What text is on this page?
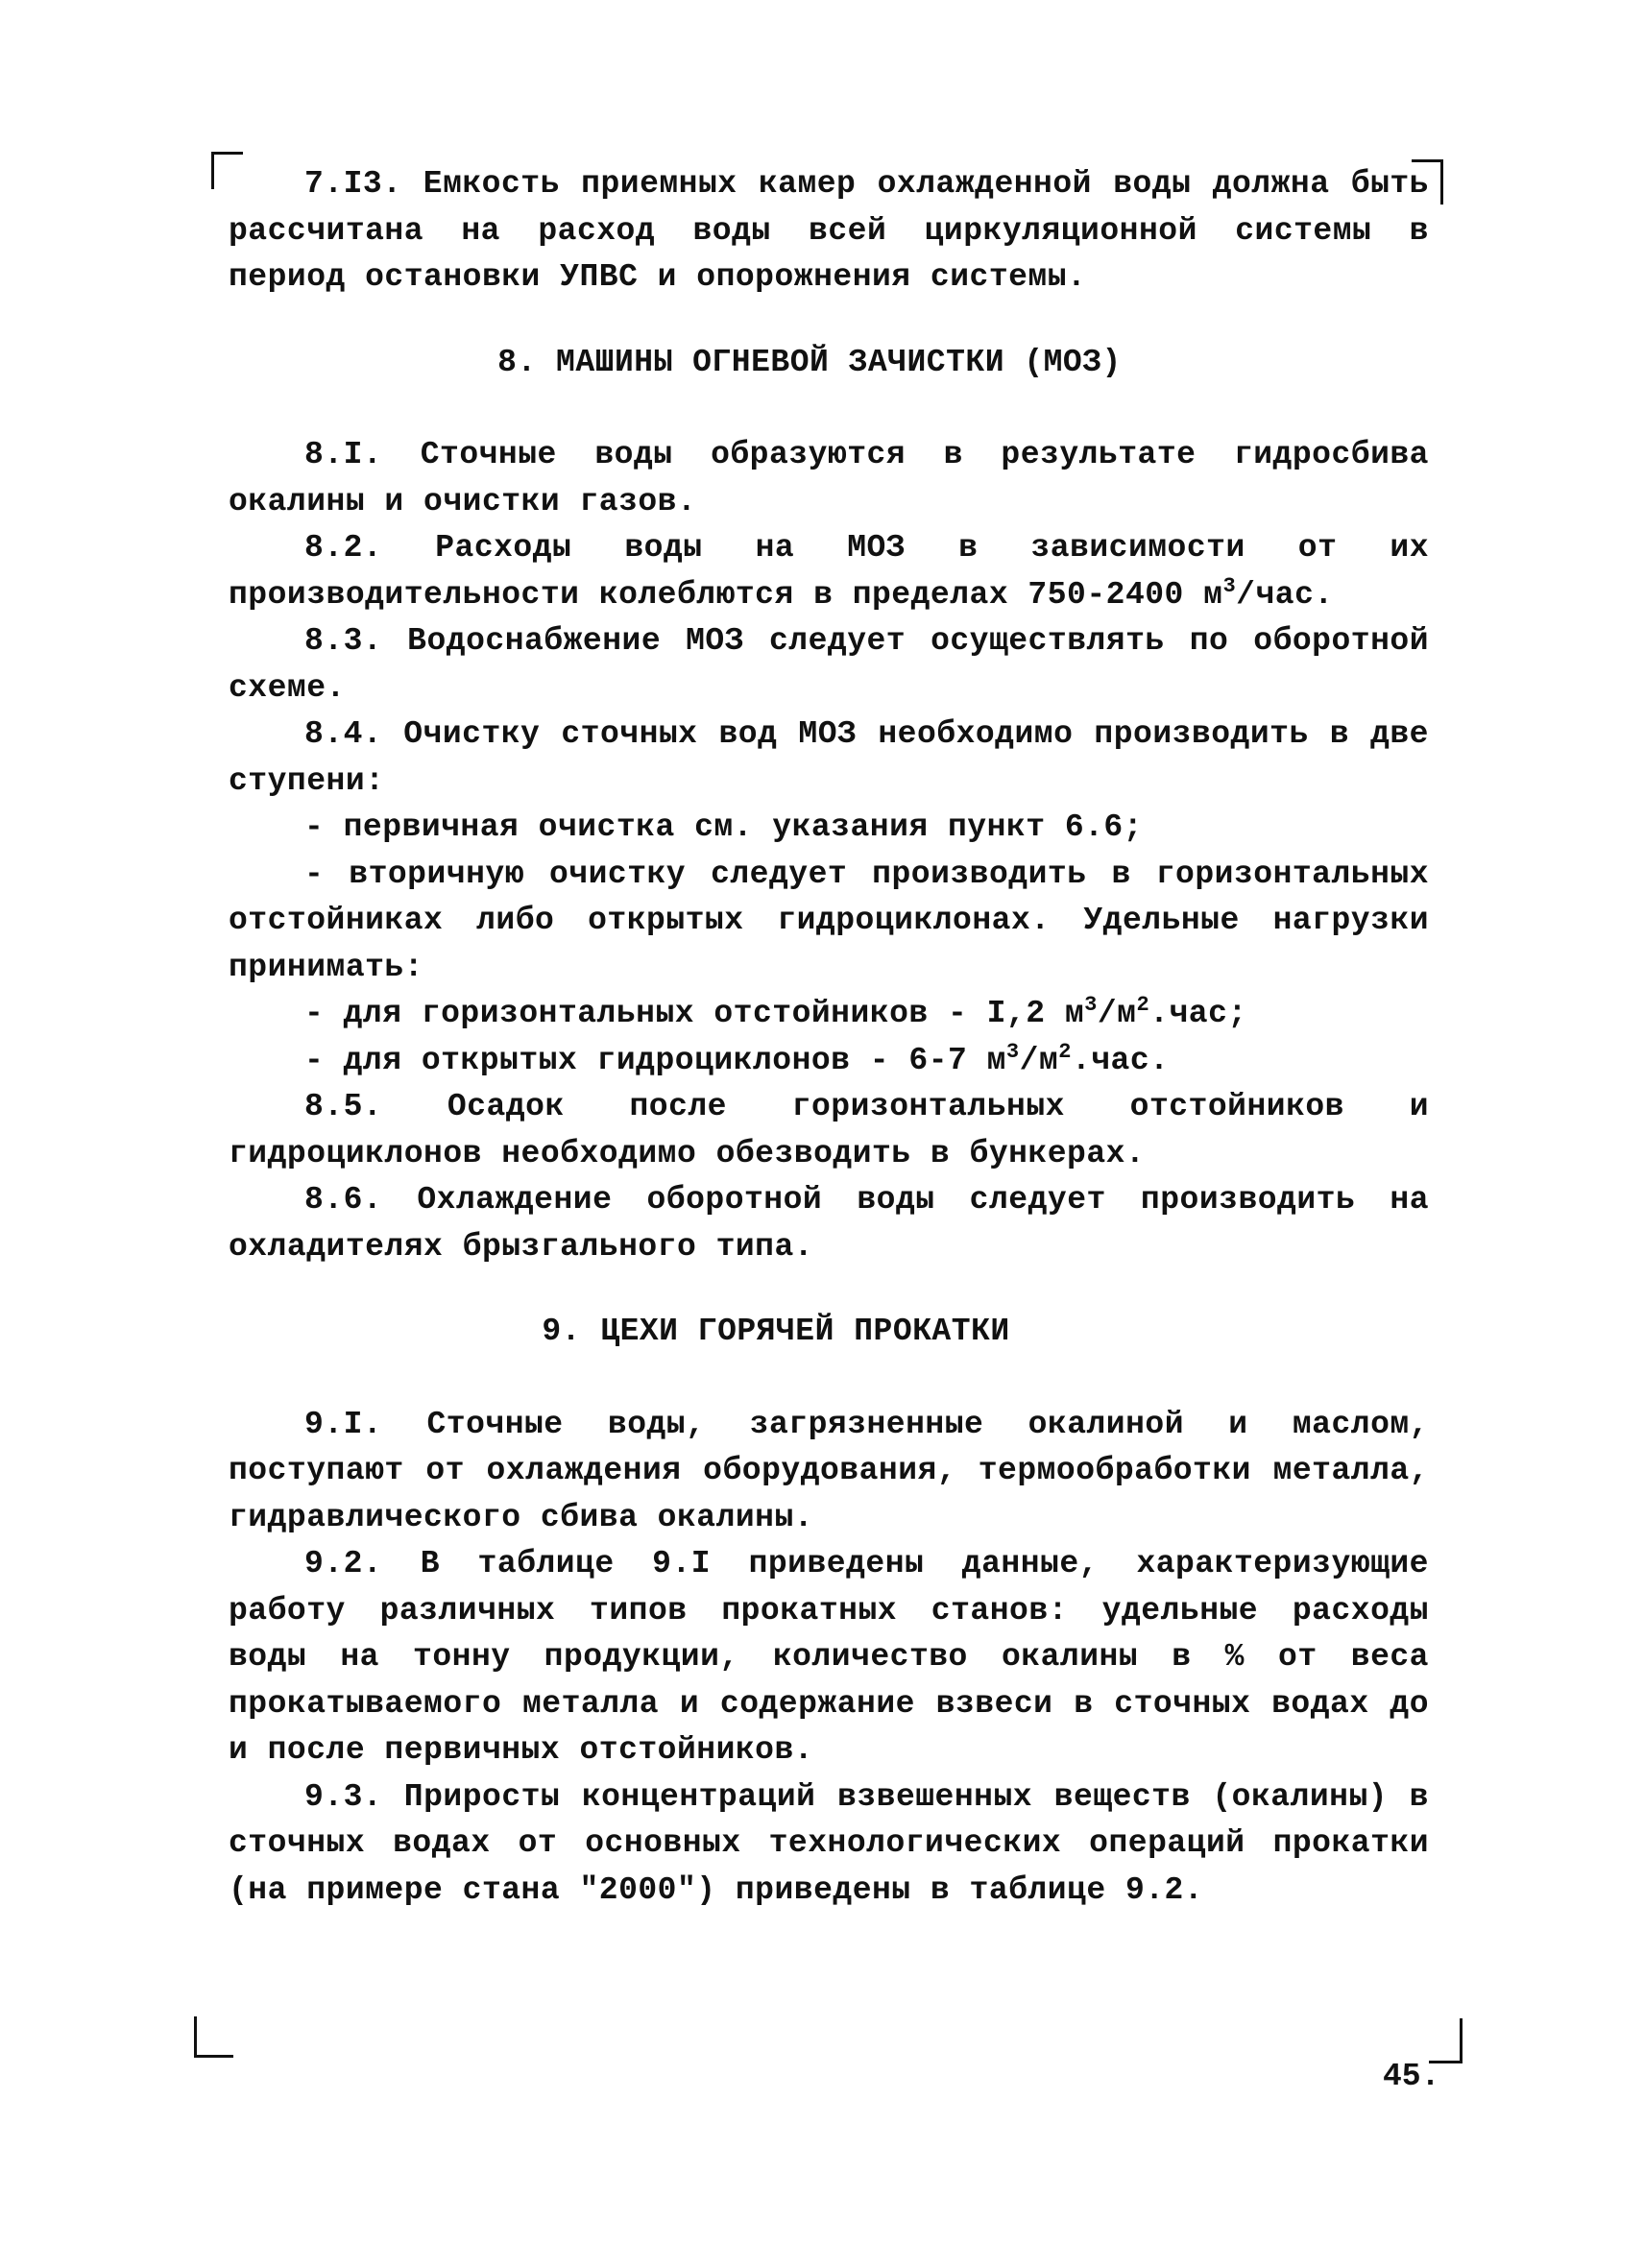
7.I3. Емкость приемных камер охлажденной воды должна быть рассчитана на расход воды всей циркуляционной системы в период остановки УПВС и опорожнения системы.

8. МАШИНЫ ОГНЕВОЙ ЗАЧИСТКИ (МОЗ)

8.I. Сточные воды образуются в результате гидросбива окалины и очистки газов.

8.2. Расходы воды на МОЗ в зависимости от их производительности колеблются в пределах 750-2400 $м^3$/час.

8.3. Водоснабжение МОЗ следует осуществлять по оборотной схеме.

8.4. Очистку сточных вод МОЗ необходимо производить в две ступени:

- первичная очистка см. указания пункт 6.6;

- вторичную очистку следует производить в горизонтальных отстойниках либо открытых гидроциклонах. Удельные нагрузки принимать:

- для горизонтальных отстойников - I,2 $м^3/м^2.час$;

- для открытых гидроциклонов - 6-7 $м^3/м^2.час$.

8.5. Осадок после горизонтальных отстойников и гидроциклонов необходимо обезводить в бункерах.

8.6. Охлаждение оборотной воды следует производить на охладителях брызгального типа.

9. ЦЕХИ ГОРЯЧЕЙ ПРОКАТКИ

9.I. Сточные воды, загрязненные окалиной и маслом, поступают от охлаждения оборудования, термообработки металла, гидравлического сбива окалины.

9.2. В таблице 9.I приведены данные, характеризующие работу различных типов прокатных станов: удельные расходы воды на тонну продукции, количество окалины в % от веса прокатываемого металла и содержание взвеси в сточных водах до и после первичных отстойников.

9.3. Приросты концентраций взвешенных веществ (окалины) в сточных водах от основных технологических операций прокатки (на примере стана "2000") приведены в таблице 9.2.

45.
